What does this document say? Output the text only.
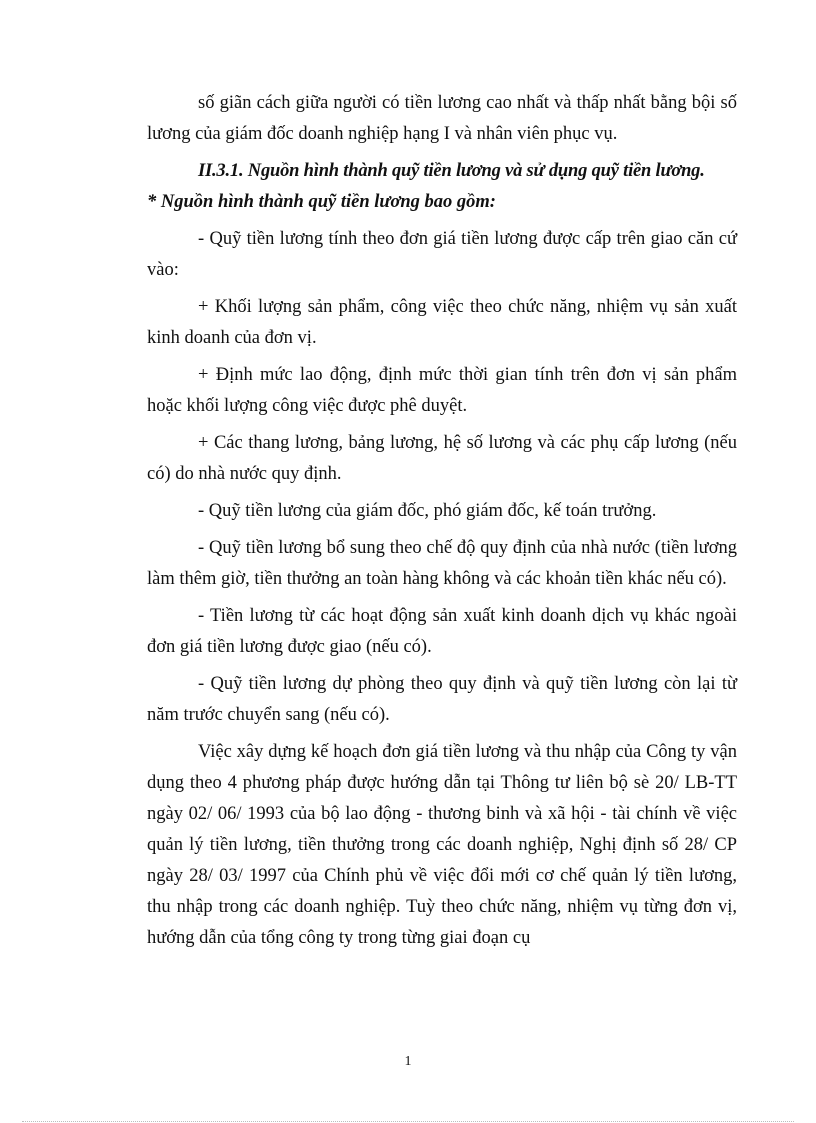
số giãn cách giữa người có tiền lương cao nhất và thấp nhất bằng bội số lương của giám đốc doanh nghiệp hạng I và nhân viên phục vụ.

II.3.1. Nguồn hình thành quỹ tiền lương và sử dụng quỹ tiền lương.

* Nguồn hình thành quỹ tiền lương bao gồm:

- Quỹ tiền lương tính theo đơn giá tiền lương được cấp trên giao căn cứ vào:

+ Khối lượng sản phẩm, công việc theo chức năng, nhiệm vụ sản xuất kinh doanh của đơn vị.

+ Định mức lao động, định mức thời gian tính trên đơn vị sản phẩm hoặc khối lượng công việc được phê duyệt.

+ Các thang lương, bảng lương, hệ số lương và các phụ cấp lương (nếu có) do nhà nước quy định.

- Quỹ tiền lương của giám đốc, phó giám đốc, kế toán trưởng.

- Quỹ tiền lương bổ sung theo chế độ quy định của nhà nước (tiền lương làm thêm giờ, tiền thưởng an toàn hàng không và các khoản tiền khác nếu có).

- Tiền lương từ các hoạt động sản xuất kinh doanh dịch vụ khác ngoài đơn giá tiền lương được giao (nếu có).

- Quỹ tiền lương dự phòng theo quy định và quỹ tiền lương còn lại từ năm trước chuyển sang (nếu có).

Việc xây dựng kế hoạch đơn giá tiền lương và thu nhập của Công ty vận dụng theo 4 phương pháp được hướng dẫn tại Thông tư liên bộ sè 20/ LB-TT ngày 02/ 06/ 1993 của bộ lao động - thương binh và xã hội - tài chính về việc quản lý tiền lương, tiền thưởng trong các doanh nghiệp, Nghị định số 28/ CP ngày 28/ 03/ 1997 của Chính phủ về việc đổi mới cơ chế quản lý tiền lương, thu nhập trong các doanh nghiệp. Tuỳ theo chức năng, nhiệm vụ từng đơn vị, hướng dẫn của tổng công ty trong từng giai đoạn cụ

1
